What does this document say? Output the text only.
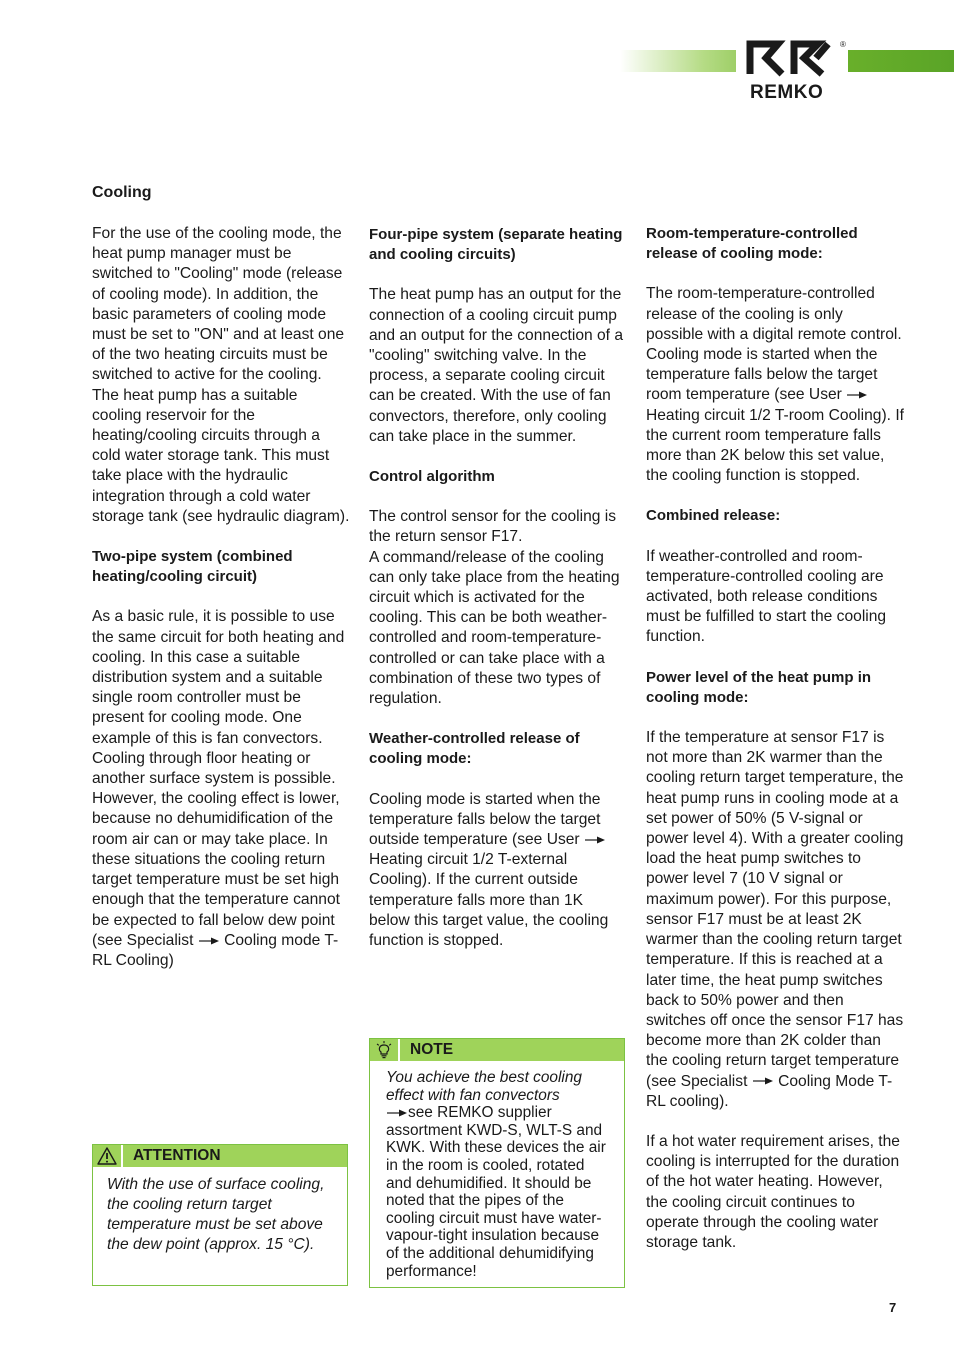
®
REMKO
Cooling

For the use of the cooling mode, the heat pump manager must be switched to "Cooling" mode (release of cooling mode). In addition, the basic parameters of cooling mode must be set to "ON" and at least one of the two heating circuits must be switched to active for the cooling. The heat pump has a suitable cooling reservoir for the heating/cooling circuits through a cold water storage tank. This must take place with the hydraulic integration through a cold water storage tank (see hydraulic diagram).

Two-pipe system (combined heating/cooling circuit)

As a basic rule, it is possible to use the same circuit for both heating and cooling. In this case a suitable distribution system and a suitable single room controller must be present for cooling mode. One example of this is fan convectors. Cooling through floor heating or another surface system is possible. However, the cooling effect is lower, because no dehumidification of the room air can or may take place. In these situations the cooling return target temperature must be set high enough that the temperature cannot be expected to fall below dew point (see Specialist Cooling mode T-RL Cooling)

Four-pipe system (separate heating and cooling circuits)

The heat pump has an output for the connection of a cooling circuit pump and an output for the connection of a "cooling" switching valve. In the process, a separate cooling circuit can be created. With the use of fan convectors, therefore, only cooling can take place in the summer.

Control algorithm

The control sensor for the cooling is the return sensor F17.
A command/release of the cooling can only take place from the heating circuit which is activated for the cooling. This can be both weather-controlled and room-temperature-controlled or can take place with a combination of these two types of regulation.

Weather-controlled release of cooling mode:

Cooling mode is started when the temperature falls below the target outside temperature (see User  Heating circuit 1/2 T-external Cooling). If the current outside temperature falls more than 1K below this target value, the cooling function is stopped.

Room-temperature-controlled release of cooling mode:

The room-temperature-controlled release of the cooling is only possible with a digital remote control. Cooling mode is started when the temperature falls below the target room temperature (see User  Heating circuit 1/2 T-room Cooling). If the current room temperature falls more than 2K below this set value, the cooling function is stopped.

Combined release:

If weather-controlled and room-temperature-controlled cooling are activated, both release conditions must be fulfilled to start the cooling function.

Power level of the heat pump in cooling mode:

If the temperature at sensor F17 is not more than 2K warmer than the cooling return target temperature, the heat pump runs in cooling mode at a set power of 50% (5 V-signal or power level 4). With a greater cooling load the heat pump switches to power level 7 (10 V signal or maximum power). For this purpose, sensor F17 must be at least 2K warmer than the cooling return target temperature. If this is reached at a later time, the heat pump switches back to 50% power and then switches off once the sensor F17 has become more than 2K colder than the cooling return target temperature (see Specialist Cooling Mode T-RL cooling).

If a hot water requirement arises, the cooling is interrupted for the duration of the hot water heating. However, the cooling circuit continues to operate through the cooling water storage tank.

NOTE
You achieve the best cooling effect with fan convectors
see REMKO supplier assortment KWD-S, WLT-S and KWK. With these devices the air in the room is cooled, rotated and dehumidified. It should be noted that the pipes of the cooling circuit must have water-vapour-tight insulation because of the additional dehumidifying performance!
ATTENTION
With the use of surface cooling, the cooling return target temperature must be set above the dew point (approx. 15 °C).
7
